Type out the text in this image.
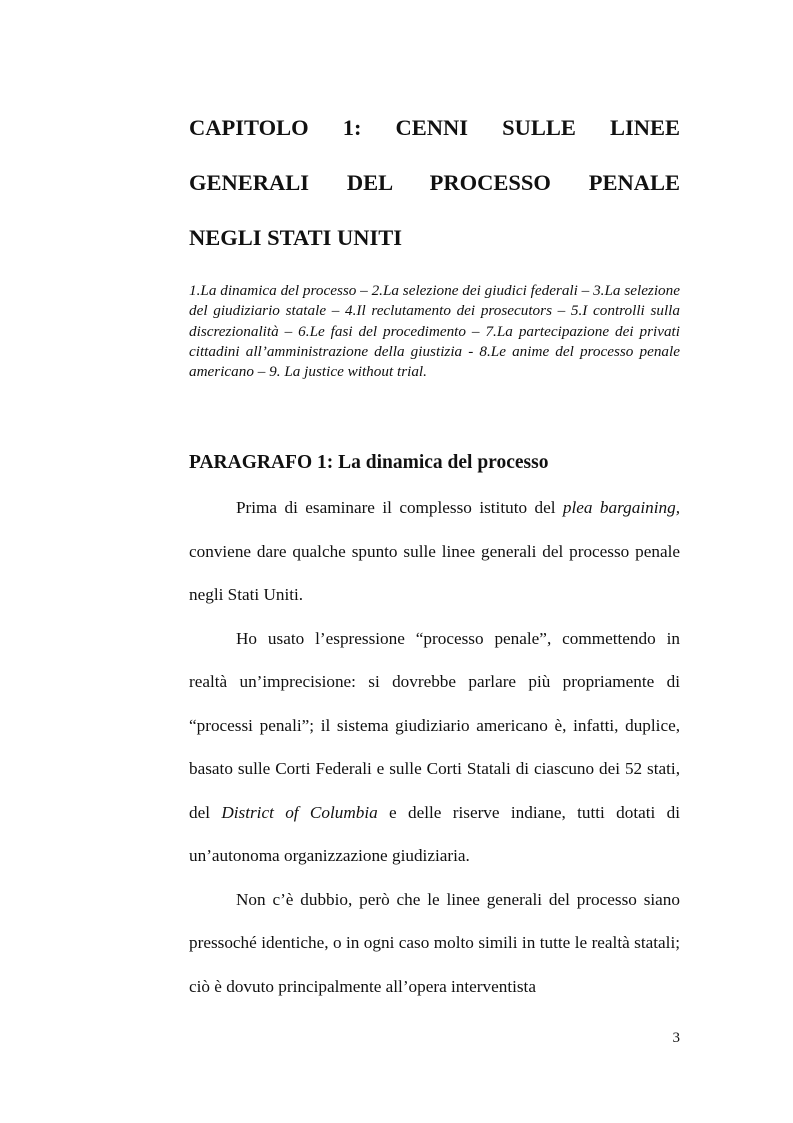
CAPITOLO 1: CENNI SULLE LINEE
GENERALI DEL PROCESSO PENALE
NEGLI STATI UNITI

1.La dinamica del processo – 2.La selezione dei giudici federali – 3.La selezione del giudiziario statale – 4.Il reclutamento dei prosecutors – 5.I controlli sulla discrezionalità – 6.Le fasi del procedimento – 7.La partecipazione dei privati cittadini all’amministrazione della giustizia - 8.Le anime del processo penale americano – 9. La justice without trial.

PARAGRAFO 1: La dinamica del processo

Prima di esaminare il complesso istituto del plea bargaining, conviene dare qualche spunto sulle linee generali del processo penale negli Stati Uniti.

Ho usato l’espressione “processo penale”, commettendo in realtà un’imprecisione: si dovrebbe parlare più propriamente di “processi penali”; il sistema giudiziario americano è, infatti, duplice, basato sulle Corti Federali e sulle Corti Statali di ciascuno dei 52 stati, del District of Columbia e delle riserve indiane, tutti dotati di un’autonoma organizzazione giudiziaria.

Non c’è dubbio, però che le linee generali del processo siano pressoché identiche, o in ogni caso molto simili in tutte le realtà statali; ciò è dovuto principalmente all’opera interventista

3
